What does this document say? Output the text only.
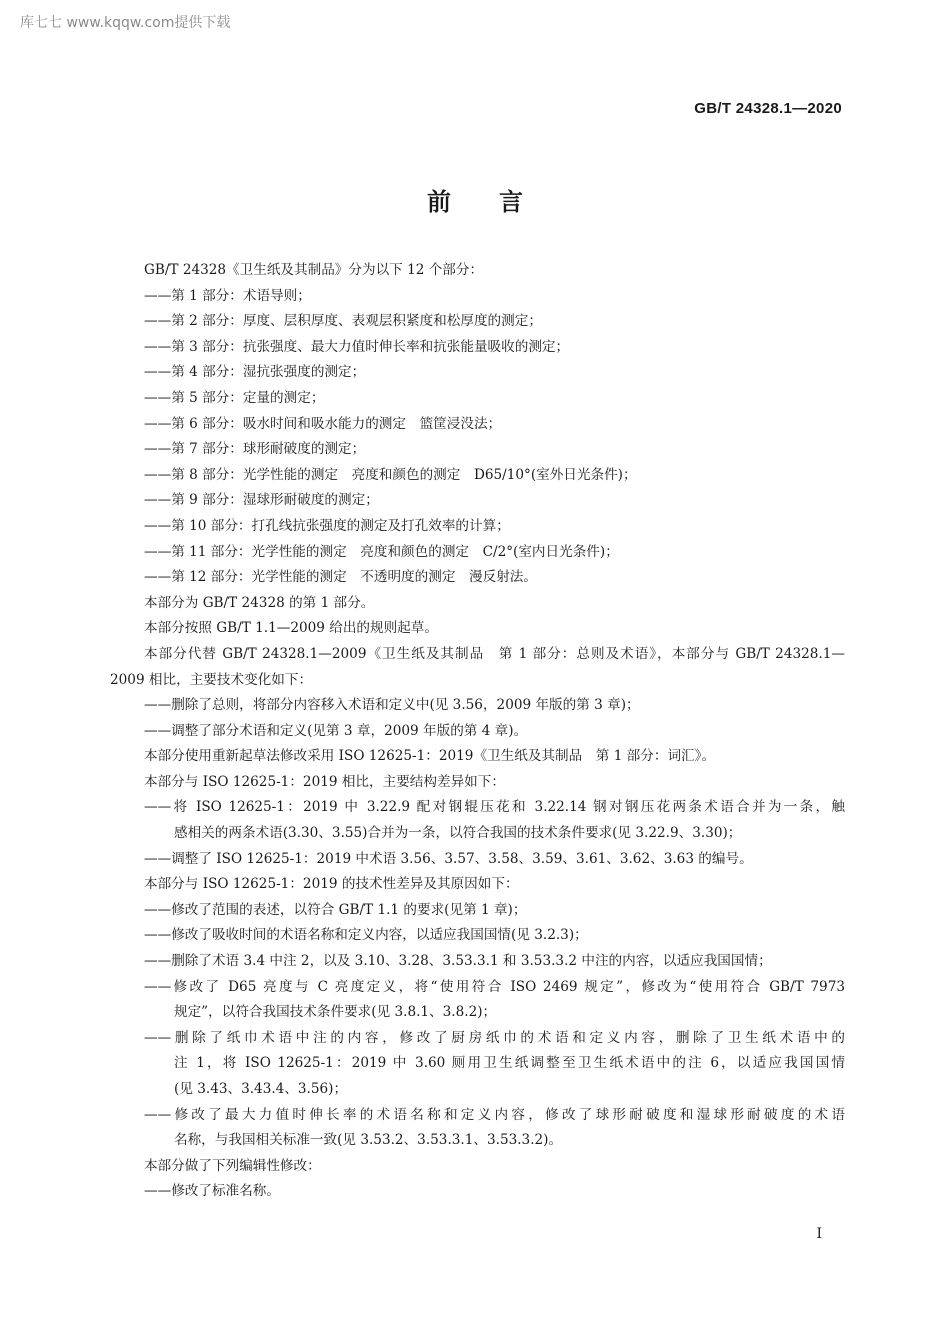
库七七 www.kqqw.com提供下载
GB/T 24328.1—2020
前言

GB/T 24328《卫生纸及其制品》分为以下 12 个部分：

——第 1 部分：术语导则；

——第 2 部分：厚度、层积厚度、表观层积紧度和松厚度的测定；

——第 3 部分：抗张强度、最大力值时伸长率和抗张能量吸收的测定；

——第 4 部分：湿抗张强度的测定；

——第 5 部分：定量的测定；

——第 6 部分：吸水时间和吸水能力的测定　篮筐浸没法；

——第 7 部分：球形耐破度的测定；

——第 8 部分：光学性能的测定　亮度和颜色的测定　D65/10°(室外日光条件)；

——第 9 部分：湿球形耐破度的测定；

——第 10 部分：打孔线抗张强度的测定及打孔效率的计算；

——第 11 部分：光学性能的测定　亮度和颜色的测定　C/2°(室内日光条件)；

——第 12 部分：光学性能的测定　不透明度的测定　漫反射法。

本部分为 GB/T 24328 的第 1 部分。

本部分按照 GB/T 1.1—2009 给出的规则起草。

本部分代替 GB/T 24328.1—2009《卫生纸及其制品　第 1 部分：总则及术语》，本部分与 GB/T 24328.1—

2009 相比，主要技术变化如下：

——删除了总则，将部分内容移入术语和定义中(见 3.56，2009 年版的第 3 章)；

——调整了部分术语和定义(见第 3 章，2009 年版的第 4 章)。

本部分使用重新起草法修改采用 ISO 12625-1：2019《卫生纸及其制品　第 1 部分：词汇》。

本部分与 ISO 12625-1：2019 相比，主要结构差异如下：

——将 ISO 12625-1：2019 中 3.22.9 配对钢辊压花和 3.22.14 钢对钢压花两条术语合并为一条，触

感相关的两条术语(3.30、3.55)合并为一条，以符合我国的技术条件要求(见 3.22.9、3.30)；

——调整了 ISO 12625-1：2019 中术语 3.56、3.57、3.58、3.59、3.61、3.62、3.63 的编号。

本部分与 ISO 12625-1：2019 的技术性差异及其原因如下：

——修改了范围的表述，以符合 GB/T 1.1 的要求(见第 1 章)；

——修改了吸收时间的术语名称和定义内容，以适应我国国情(见 3.2.3)；

——删除了术语 3.4 中注 2，以及 3.10、3.28、3.53.3.1 和 3.53.3.2 中注的内容，以适应我国国情；

——修改了 D65 亮度与 C 亮度定义，将“使用符合 ISO 2469 规定”，修改为“使用符合 GB/T 7973

规定”，以符合我国技术条件要求(见 3.8.1、3.8.2)；

——删除了纸巾术语中注的内容，修改了厨房纸巾的术语和定义内容，删除了卫生纸术语中的

注 1，将 ISO 12625-1：2019 中 3.60 厕用卫生纸调整至卫生纸术语中的注 6，以适应我国国情

(见 3.43、3.43.4、3.56)；

——修改了最大力值时伸长率的术语名称和定义内容，修改了球形耐破度和湿球形耐破度的术语

名称，与我国相关标准一致(见 3.53.2、3.53.3.1、3.53.3.2)。

本部分做了下列编辑性修改：

——修改了标准名称。

I
